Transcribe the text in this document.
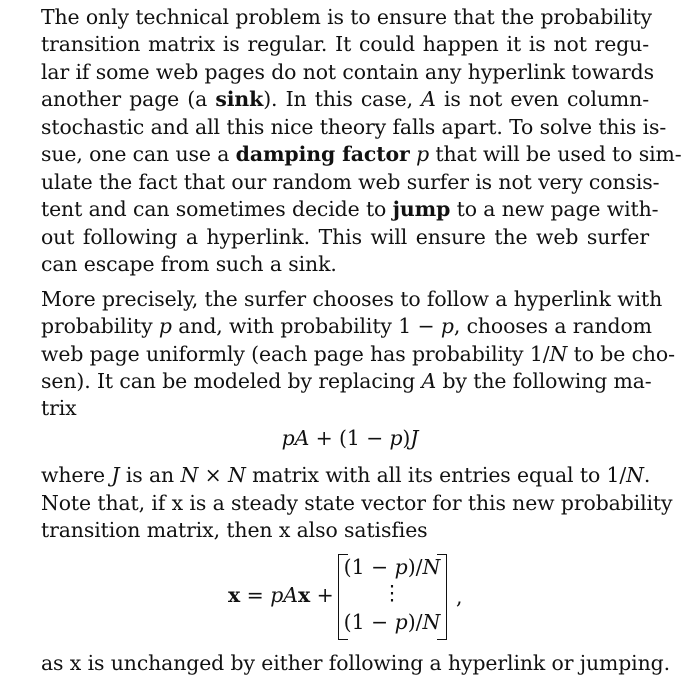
The only technical problem is to ensure that the probability
transition matrix is regular. It could happen it is not regu-
lar if some web pages do not contain any hyperlink towards
another page (a sink). In this case, A is not even column-
stochastic and all this nice theory falls apart. To solve this is-
sue, one can use a damping factor p that will be used to sim-
ulate the fact that our random web surfer is not very consis-
tent and can sometimes decide to jump to a new page with-
out following a hyperlink. This will ensure the web surfer
can escape from such a sink.
More precisely, the surfer chooses to follow a hyperlink with
probability p and, with probability 1 − p, chooses a random
web page uniformly (each page has probability 1/N to be cho-
sen). It can be modeled by replacing A by the following ma-
trix
pA + (1 − p)J
where J is an N × N matrix with all its entries equal to 1/N.
Note that, if x is a steady state vector for this new probability
transition matrix, then x also satisfies
x = pAx +
(1 − p)/N
⋮
(1 − p)/N
,
as x is unchanged by either following a hyperlink or jumping.
